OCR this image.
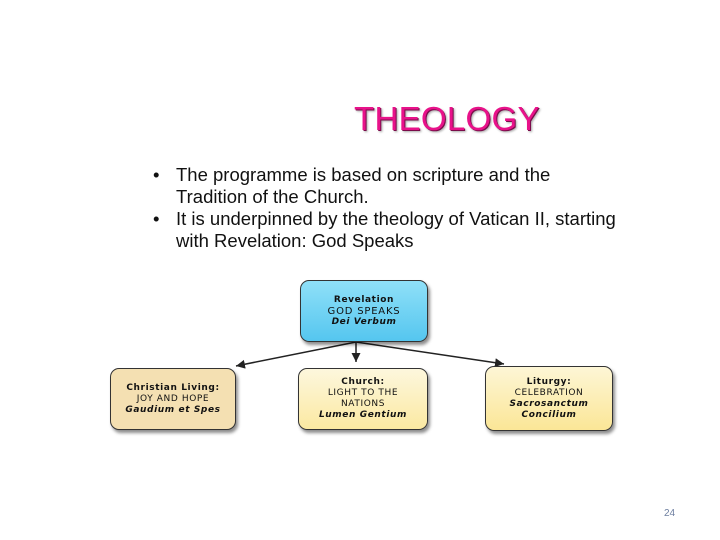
THEOLOGY
• The programme is based on scripture and the Tradition of the Church.
• It is underpinned by the theology of Vatican II, starting with Revelation: God Speaks
Revelation
GOD SPEAKS
Dei Verbum
Christian Living:
JOY AND HOPE
Gaudium et Spes
Church:
LIGHT TO THE
NATIONS
Lumen Gentium
Liturgy:
CELEBRATION
Sacrosanctum
Concilium
24
